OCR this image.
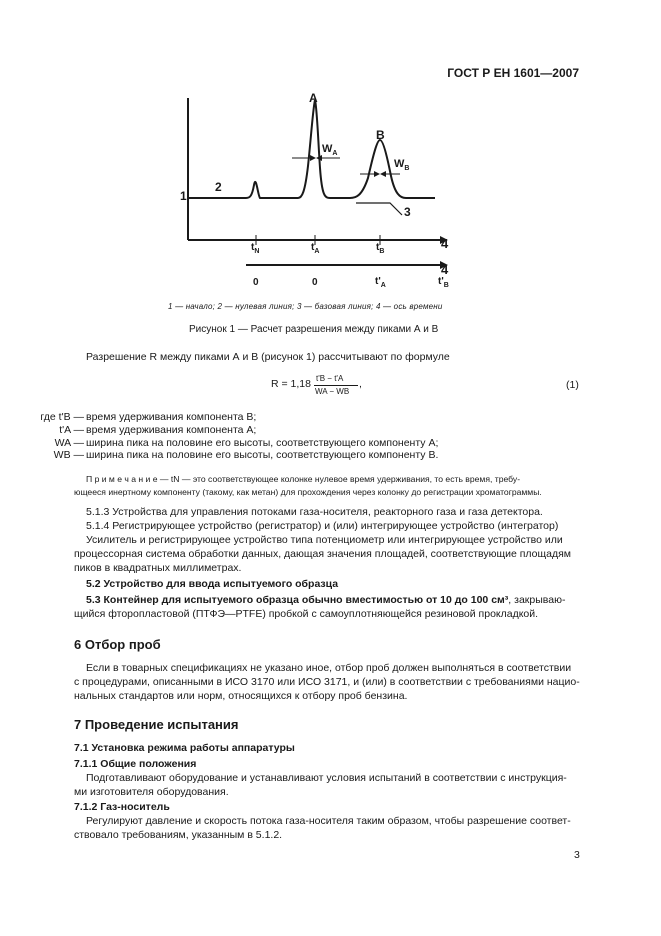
ГОСТ Р ЕН 1601—2007
A
B
$W_A$
$W_B$
1
2
3
4
4
$t_N$	$t_A$	$t_B$
0	0	$t'_A$	$t'_B$
1 — начало; 2 — нулевая линия; 3 — базовая линия; 4 — ось времени
Рисунок 1 — Расчет разрешения между пиками А и В
Разрешение R между пиками А и В (рисунок 1) рассчитывают по формуле
R = 1,18 t'B − t'A
WA − WB
,	(1)
где t'B — время удерживания компонента В;
t'A — время удерживания компонента А;
WA — ширина пика на половине его высоты, соответствующего компоненту А;
WB — ширина пика на половине его высоты, соответствующего компоненту В.
П р и м е ч а н и е — tN — это соответствующее колонке нулевое время удерживания, то есть время, требу-
ющееся инертному компоненту (такому, как метан) для прохождения через колонку до регистрации хроматограммы.
5.1.3 Устройства для управления потоками газа-носителя, реакторного газа и газа детектора.
5.1.4 Регистрирующее устройство (регистратор) и (или) интегрирующее устройство (интегратор)
Усилитель и регистрирующее устройство типа потенциометр или интегрирующее устройство или
процессорная система обработки данных, дающая значения площадей, соответствующие площадям
пиков в квадратных миллиметрах.
5.2 Устройство для ввода испытуемого образца
5.3 Контейнер для испытуемого образца обычно вместимостью от 10 до 100 см³, закрываю-
щийся фторопластовой (ПТФЭ—PTFE) пробкой с самоуплотняющейся резиновой прокладкой.
6 Отбор проб
Если в товарных спецификациях не указано иное, отбор проб должен выполняться в соответствии
с процедурами, описанными в ИСО 3170 или ИСО 3171, и (или) в соответствии с требованиями нацио-
нальных стандартов или норм, относящихся к отбору проб бензина.
7 Проведение испытания
7.1 Установка режима работы аппаратуры
7.1.1 Общие положения
Подготавливают оборудование и устанавливают условия испытаний в соответствии с инструкция-
ми изготовителя оборудования.
7.1.2 Газ-носитель
Регулируют давление и скорость потока газа-носителя таким образом, чтобы разрешение соответ-
ствовало требованиям, указанным в 5.1.2.
3
